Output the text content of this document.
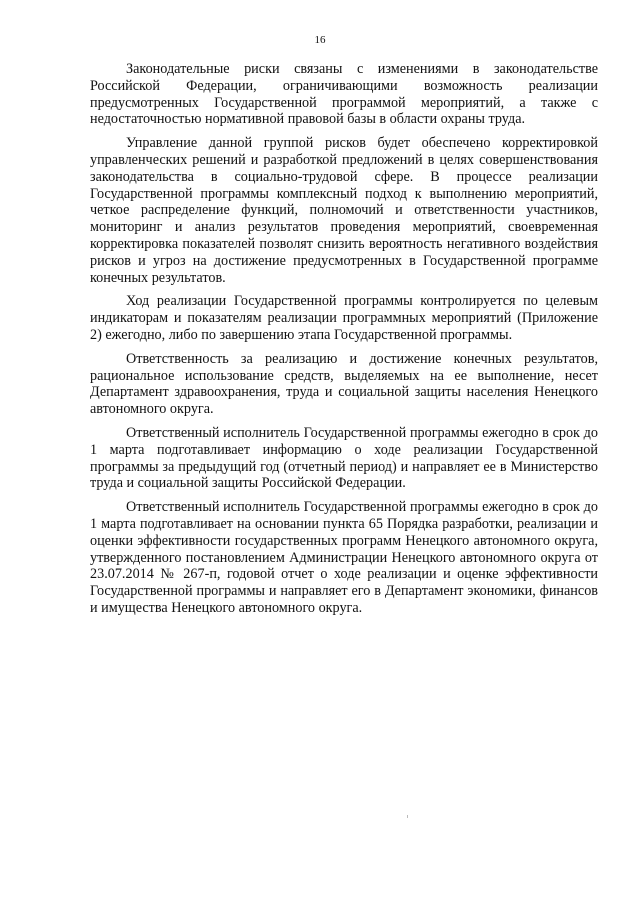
16

Законодательные риски связаны с изменениями в законодательстве Российской Федерации, ограничивающими возможность реализации предусмотренных Государственной программой мероприятий, а также с недостаточностью нормативной правовой базы в области охраны труда.

Управление данной группой рисков будет обеспечено корректировкой управленческих решений и разработкой предложений в целях совершенствования законодательства в социально-трудовой сфере. В процессе реализации Государственной программы комплексный подход к выполнению мероприятий, четкое распределение функций, полномочий и ответственности участников, мониторинг и анализ результатов проведения мероприятий, своевременная корректировка показателей позволят снизить вероятность негативного воздействия рисков и угроз на достижение предусмотренных в Государственной программе конечных результатов.

Ход реализации Государственной программы контролируется по целевым индикаторам и показателям реализации программных мероприятий (Приложение 2) ежегодно, либо по завершению этапа Государственной программы.

Ответственность за реализацию и достижение конечных результатов, рациональное использование средств, выделяемых на ее выполнение, несет Департамент здравоохранения, труда и социальной защиты населения Ненецкого автономного округа.

Ответственный исполнитель Государственной программы ежегодно в срок до 1 марта подготавливает информацию о ходе реализации Государственной программы за предыдущий год (отчетный период) и направляет ее в Министерство труда и социальной защиты Российской Федерации.

Ответственный исполнитель Государственной программы ежегодно в срок до 1 марта подготавливает на основании пункта 65 Порядка разработки, реализации и оценки эффективности государственных программ Ненецкого автономного округа, утвержденного постановлением Администрации Ненецкого автономного округа от 23.07.2014 № 267-п, годовой отчет о ходе реализации и оценке эффективности Государственной программы и направляет его в Департамент экономики, финансов и имущества Ненецкого автономного округа.
